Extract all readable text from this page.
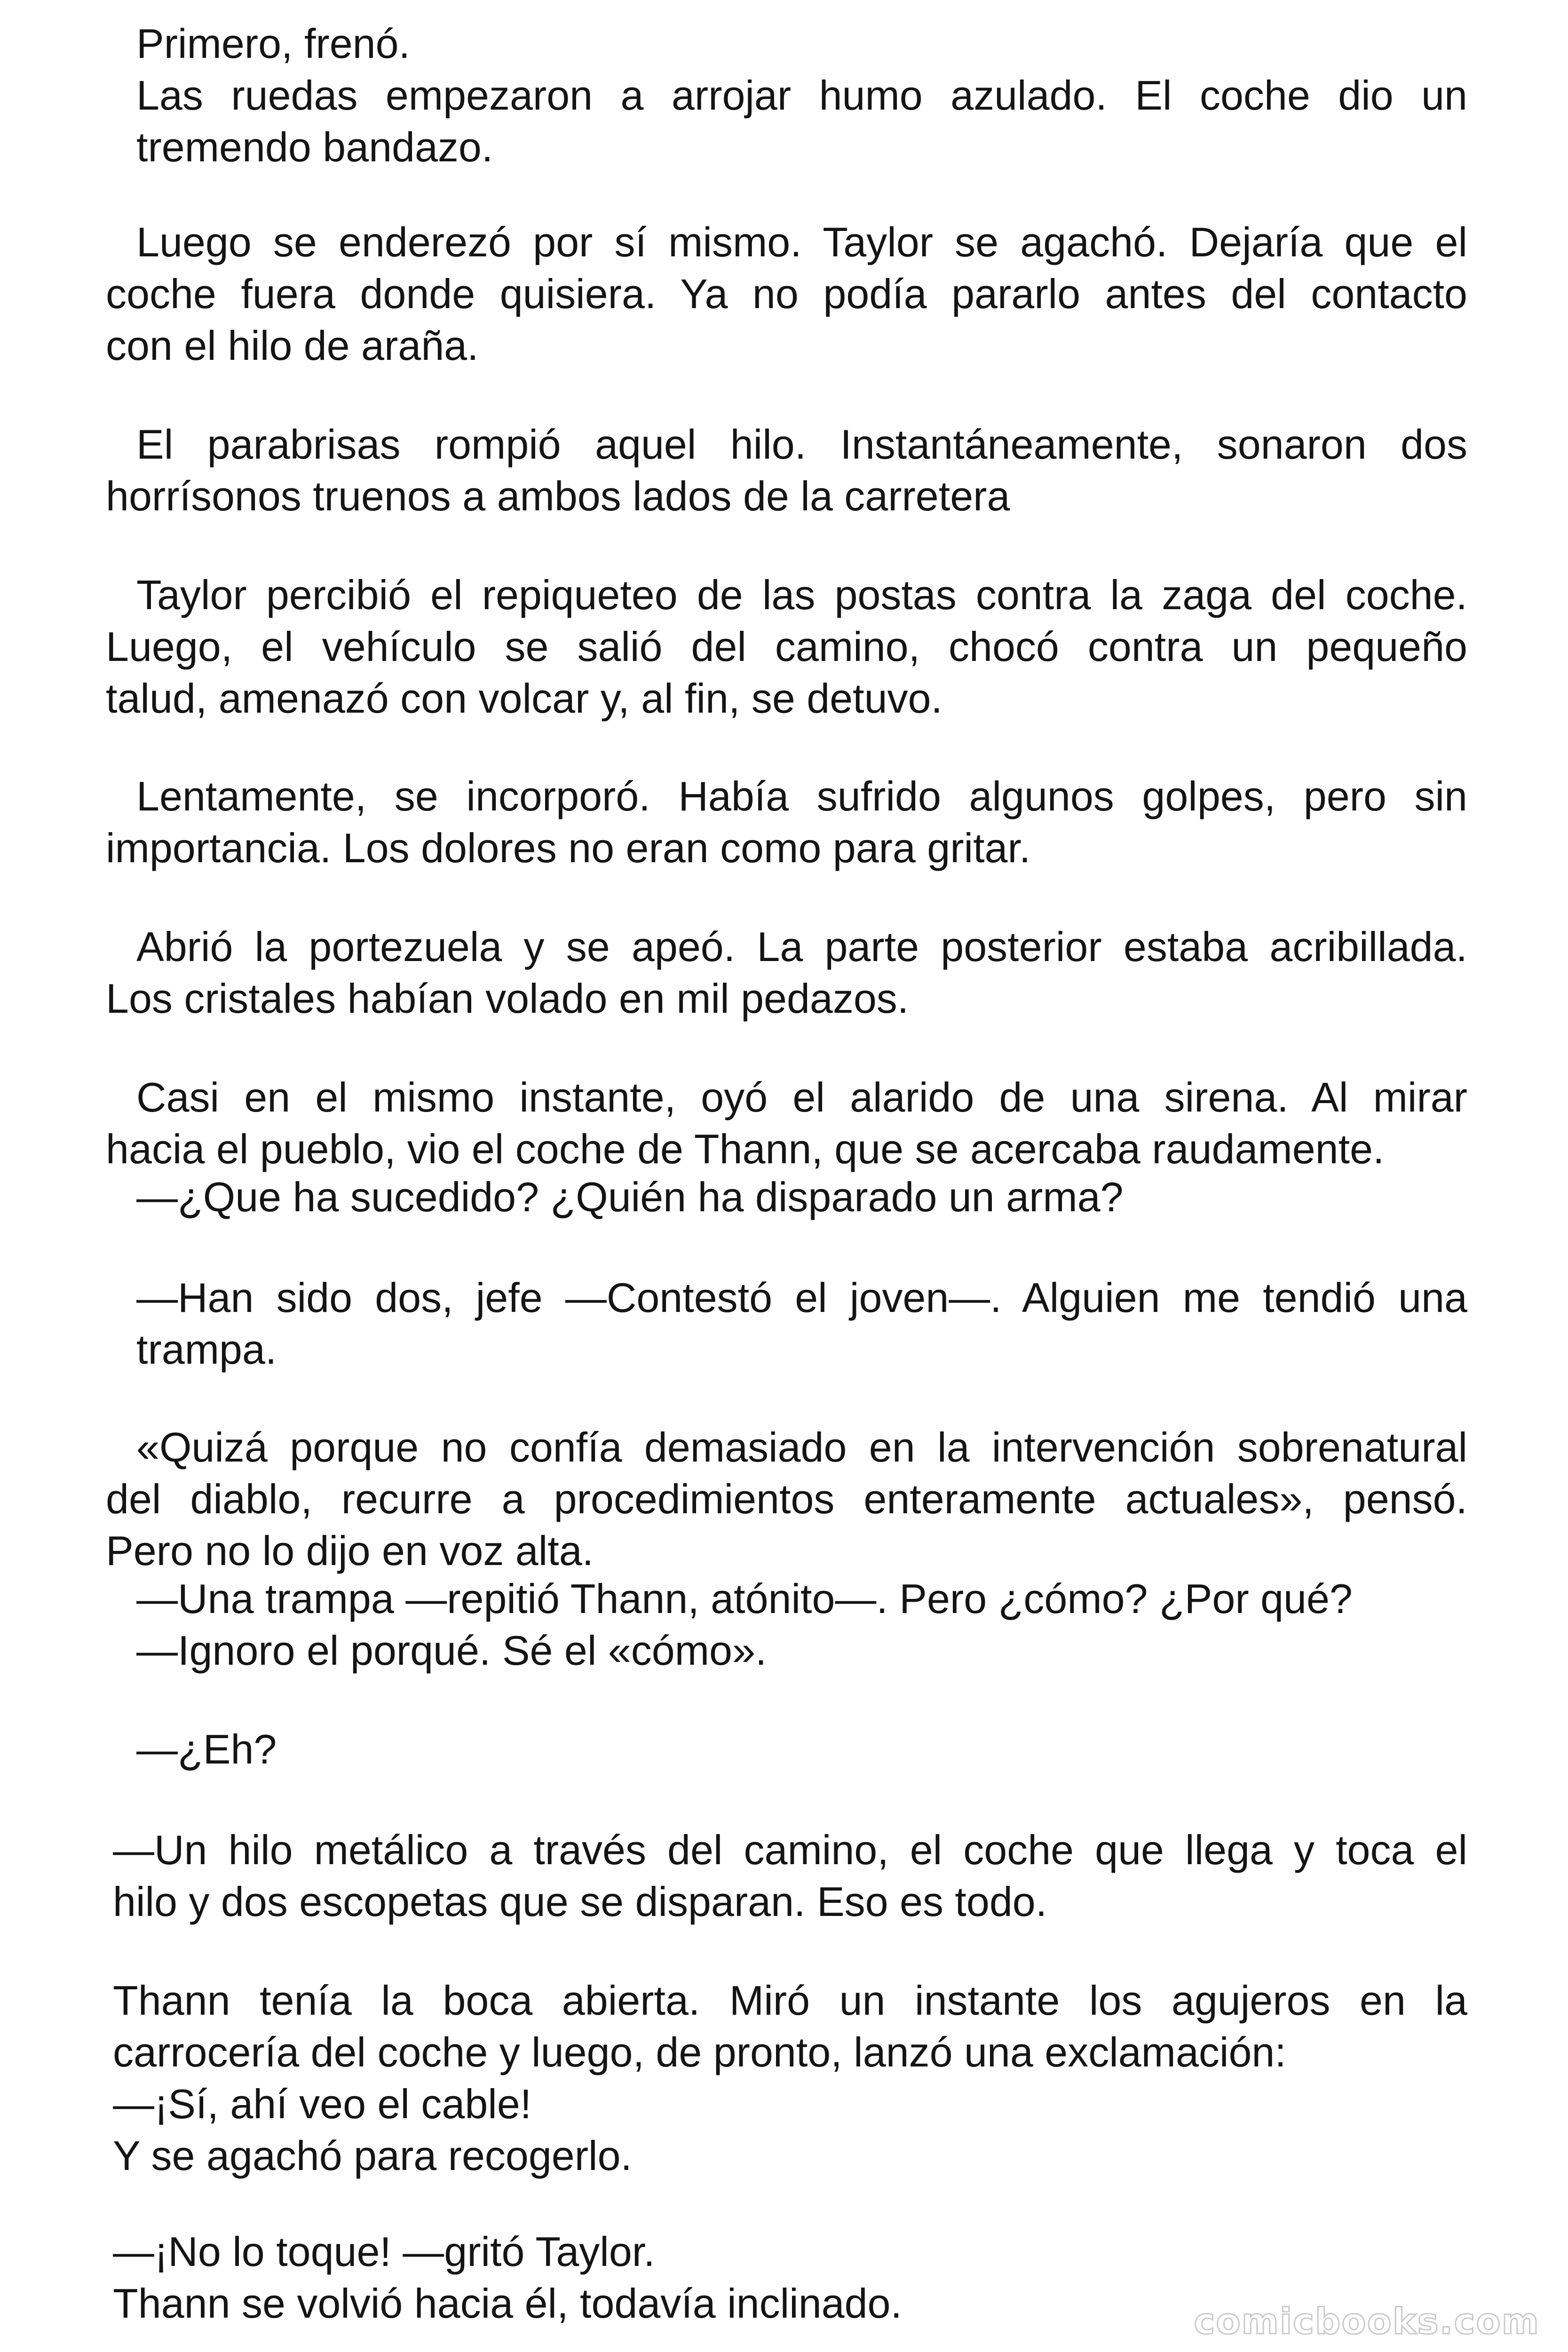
Primero, frenó.
Las ruedas empezaron a arrojar humo azulado. El coche dio un
tremendo bandazo.
Luego se enderezó por sí mismo. Taylor se agachó. Dejaría que el
coche fuera donde quisiera. Ya no podía pararlo antes del contacto
con el hilo de araña.
El parabrisas rompió aquel hilo. Instantáneamente, sonaron dos
horrísonos truenos a ambos lados de la carretera
Taylor percibió el repiqueteo de las postas contra la zaga del coche.
Luego, el vehículo se salió del camino, chocó contra un pequeño
talud, amenazó con volcar y, al fin, se detuvo.
Lentamente, se incorporó. Había sufrido algunos golpes, pero sin
importancia. Los dolores no eran como para gritar.
Abrió la portezuela y se apeó. La parte posterior estaba acribillada.
Los cristales habían volado en mil pedazos.
Casi en el mismo instante, oyó el alarido de una sirena. Al mirar
hacia el pueblo, vio el coche de Thann, que se acercaba raudamente.
—¿Que ha sucedido? ¿Quién ha disparado un arma?
—Han sido dos, jefe —Contestó el joven—. Alguien me tendió una
trampa.
«Quizá porque no confía demasiado en la intervención sobrenatural
del diablo, recurre a procedimientos enteramente actuales», pensó.
Pero no lo dijo en voz alta.
—Una trampa —repitió Thann, atónito—. Pero ¿cómo? ¿Por qué?
—Ignoro el porqué. Sé el «cómo».
—¿Eh?
—Un hilo metálico a través del camino, el coche que llega y toca el
hilo y dos escopetas que se disparan. Eso es todo.
Thann tenía la boca abierta. Miró un instante los agujeros en la
carrocería del coche y luego, de pronto, lanzó una exclamación:
—¡Sí, ahí veo el cable!
Y se agachó para recogerlo.
—¡No lo toque! —gritó Taylor.
Thann se volvió hacia él, todavía inclinado.	comicbooks.com
